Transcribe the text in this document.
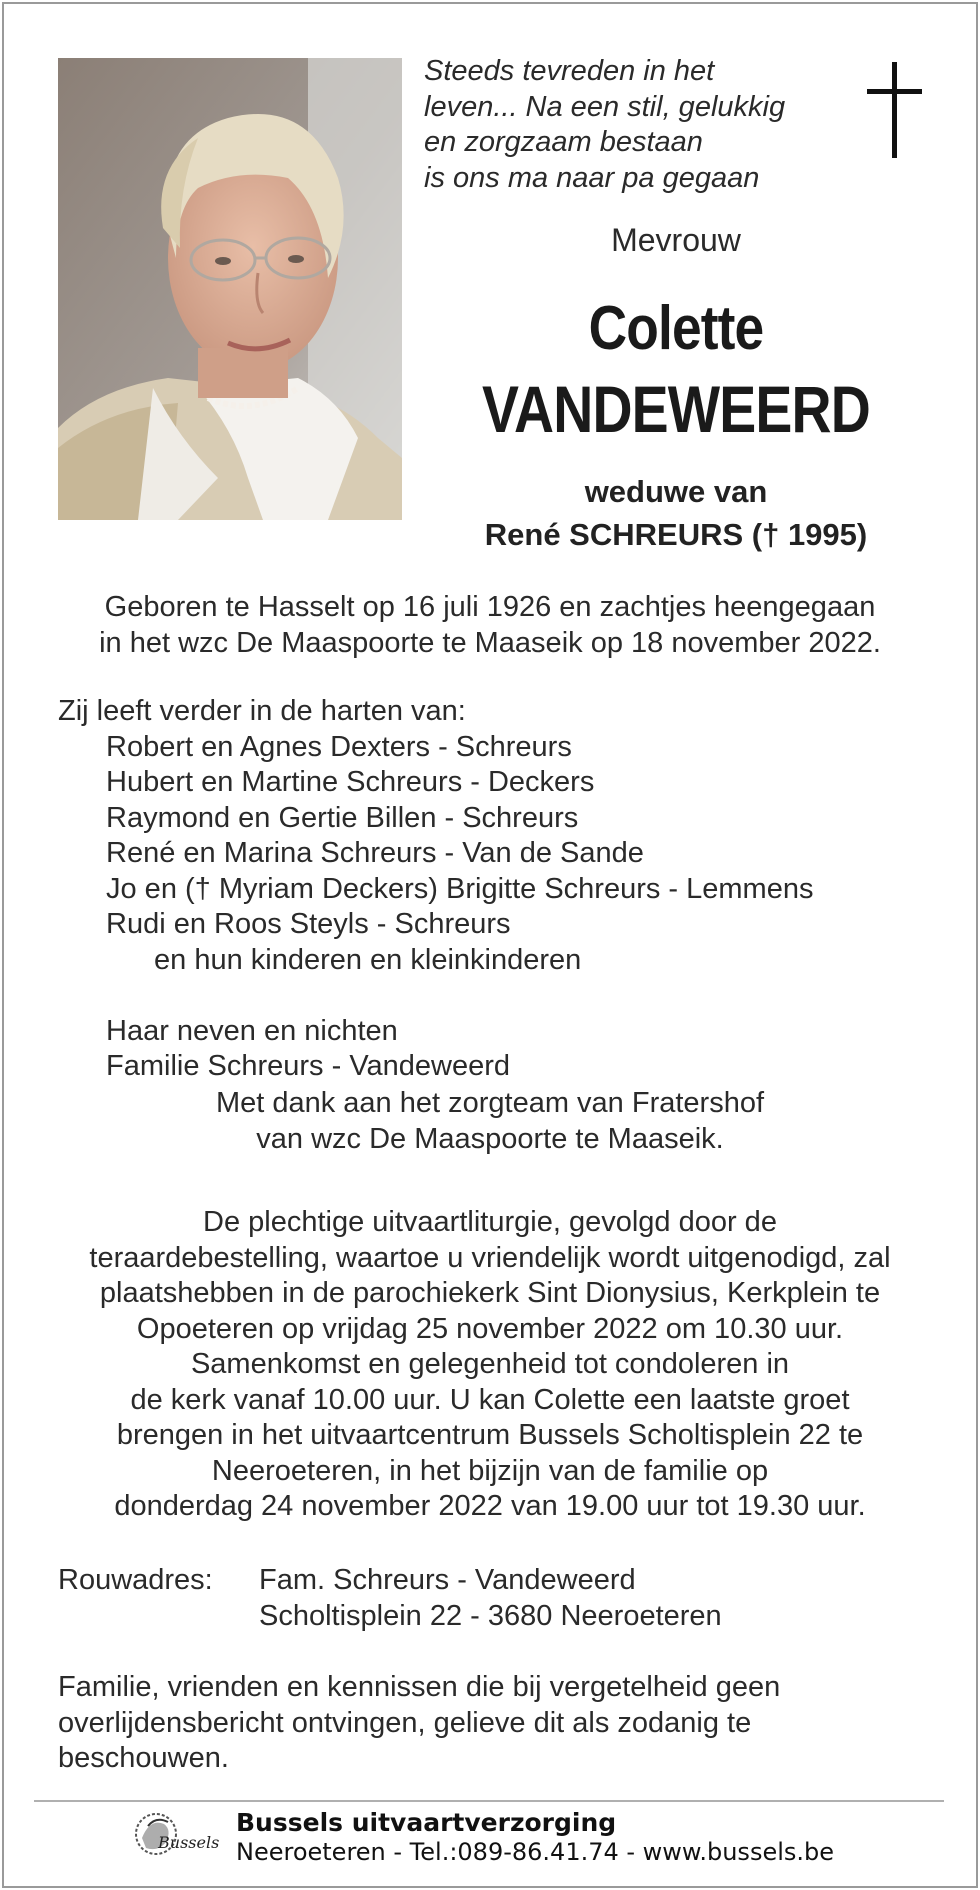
Steeds tevreden in het
leven... Na een stil, gelukkig
en zorgzaam bestaan
is ons ma naar pa gegaan
Mevrouw
Colette
VANDEWEERD
weduwe van
René SCHREURS († 1995)
Geboren te Hasselt op 16 juli 1926 en zachtjes heengegaan
in het wzc De Maaspoorte te Maaseik op 18 november 2022.
Zij leeft verder in de harten van:
Robert en Agnes Dexters - Schreurs
Hubert en Martine Schreurs - Deckers
Raymond en Gertie Billen - Schreurs
René en Marina Schreurs - Van de Sande
Jo en († Myriam Deckers) Brigitte Schreurs - Lemmens
Rudi en Roos Steyls - Schreurs
en hun kinderen en kleinkinderen

Haar neven en nichten
Familie Schreurs - Vandeweerd
Met dank aan het zorgteam van Fratershof
van wzc De Maaspoorte te Maaseik.
De plechtige uitvaartliturgie, gevolgd door de
teraardebestelling, waartoe u vriendelijk wordt uitgenodigd, zal
plaatshebben in de parochiekerk Sint Dionysius, Kerkplein te
Opoeteren op vrijdag 25 november 2022 om 10.30 uur.
Samenkomst en gelegenheid tot condoleren in
de kerk vanaf 10.00 uur. U kan Colette een laatste groet
brengen in het uitvaartcentrum Bussels Scholtisplein 22 te
Neeroeteren, in het bijzijn van de familie op
donderdag 24 november 2022 van 19.00 uur tot 19.30 uur.
Rouwadres:	Fam. Schreurs - Vandeweerd
Scholtisplein 22 - 3680 Neeroeteren
Familie, vrienden en kennissen die bij vergetelheid geen
overlijdensbericht ontvingen, gelieve dit als zodanig te
beschouwen.
Bussels
Bussels uitvaartverzorging
Neeroeteren - Tel.:089-86.41.74 - www.bussels.be
